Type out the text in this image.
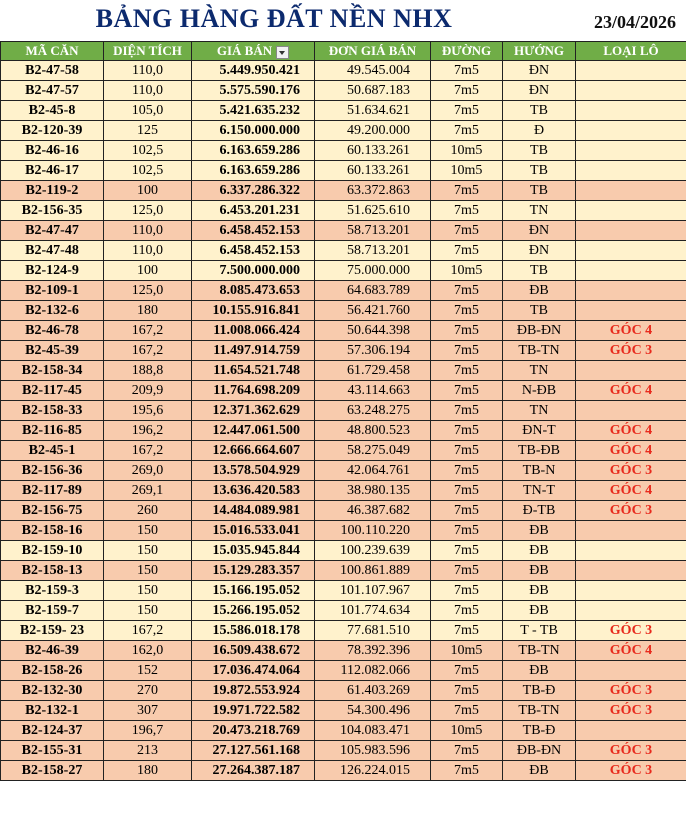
BẢNG HÀNG ĐẤT NỀN NHX	23/04/2026
MÃ CĂN	DIỆN TÍCH	GIÁ BÁN	ĐƠN GIÁ BÁN	ĐƯỜNG	HƯỚNG	LOẠI LÔ
B2-47-58	110,0	5.449.950.421	49.545.004	7m5	ĐN	
B2-47-57	110,0	5.575.590.176	50.687.183	7m5	ĐN	
B2-45-8	105,0	5.421.635.232	51.634.621	7m5	TB	
B2-120-39	125	6.150.000.000	49.200.000	7m5	Đ	
B2-46-16	102,5	6.163.659.286	60.133.261	10m5	TB	
B2-46-17	102,5	6.163.659.286	60.133.261	10m5	TB	
B2-119-2	100	6.337.286.322	63.372.863	7m5	TB	
B2-156-35	125,0	6.453.201.231	51.625.610	7m5	TN	
B2-47-47	110,0	6.458.452.153	58.713.201	7m5	ĐN	
B2-47-48	110,0	6.458.452.153	58.713.201	7m5	ĐN	
B2-124-9	100	7.500.000.000	75.000.000	10m5	TB	
B2-109-1	125,0	8.085.473.653	64.683.789	7m5	ĐB	
B2-132-6	180	10.155.916.841	56.421.760	7m5	TB	
B2-46-78	167,2	11.008.066.424	50.644.398	7m5	ĐB-ĐN	GÓC 4
B2-45-39	167,2	11.497.914.759	57.306.194	7m5	TB-TN	GÓC 3
B2-158-34	188,8	11.654.521.748	61.729.458	7m5	TN	
B2-117-45	209,9	11.764.698.209	43.114.663	7m5	N-ĐB	GÓC 4
B2-158-33	195,6	12.371.362.629	63.248.275	7m5	TN	
B2-116-85	196,2	12.447.061.500	48.800.523	7m5	ĐN-T	GÓC 4
B2-45-1	167,2	12.666.664.607	58.275.049	7m5	TB-ĐB	GÓC 4
B2-156-36	269,0	13.578.504.929	42.064.761	7m5	TB-N	GÓC 3
B2-117-89	269,1	13.636.420.583	38.980.135	7m5	TN-T	GÓC 4
B2-156-75	260	14.484.089.981	46.387.682	7m5	Đ-TB	GÓC 3
B2-158-16	150	15.016.533.041	100.110.220	7m5	ĐB	
B2-159-10	150	15.035.945.844	100.239.639	7m5	ĐB	
B2-158-13	150	15.129.283.357	100.861.889	7m5	ĐB	
B2-159-3	150	15.166.195.052	101.107.967	7m5	ĐB	
B2-159-7	150	15.266.195.052	101.774.634	7m5	ĐB	
B2-159- 23	167,2	15.586.018.178	77.681.510	7m5	T - TB	GÓC 3
B2-46-39	162,0	16.509.438.672	78.392.396	10m5	TB-TN	GÓC 4
B2-158-26	152	17.036.474.064	112.082.066	7m5	ĐB	
B2-132-30	270	19.872.553.924	61.403.269	7m5	TB-Đ	GÓC 3
B2-132-1	307	19.971.722.582	54.300.496	7m5	TB-TN	GÓC 3
B2-124-37	196,7	20.473.218.769	104.083.471	10m5	TB-Đ	
B2-155-31	213	27.127.561.168	105.983.596	7m5	ĐB-ĐN	GÓC 3
B2-158-27	180	27.264.387.187	126.224.015	7m5	ĐB	GÓC 3
